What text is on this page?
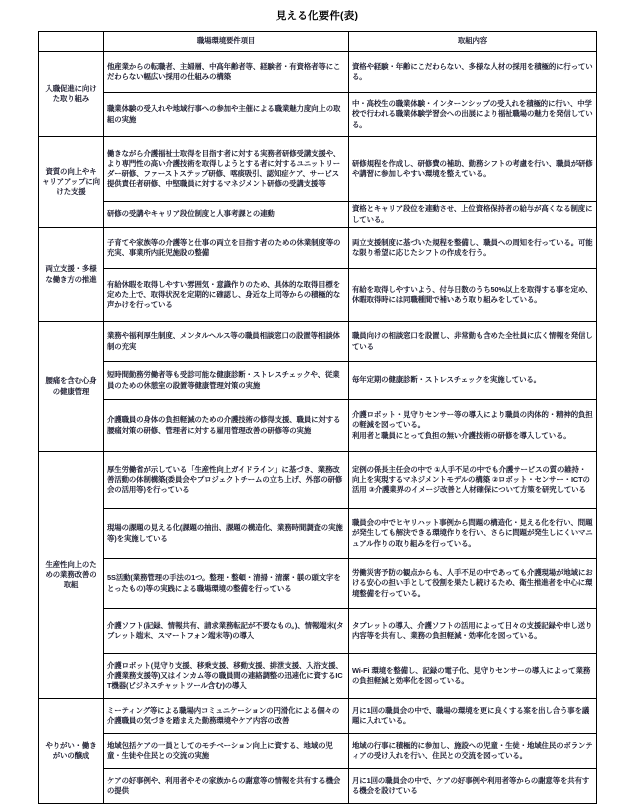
見える化要件(表)
	職場環境要件項目	取組内容
入職促進に向けた取り組み	他産業からの転職者、主婦層、中高年齢者等、経験者・有資格者等にこだわらない幅広い採用の仕組みの構築	資格や経験・年齢にこだわらない、多様な人材の採用を積極的に行っている。
	職業体験の受入れや地域行事への参加や主催による職業魅力度向上の取組の実施	中・高校生の職業体験・インターンシップの受入れを積極的に行い、中学校で行われる職業体験学習会への出展により福祉職場の魅力を発信している。
資質の向上やキャリアアップに向けた支援	働きながら介護福祉士取得を目指す者に対する実務者研修受講支援や、より専門性の高い介護技術を取得しようとする者に対するユニットリーダー研修、ファーストステップ研修、喀痰吸引、認知症ケア、サービス提供責任者研修、中堅職員に対するマネジメント研修の受講支援等	研修規程を作成し、研修費の補助、勤務シフトの考慮を行い、職員が研修や講習に参加しやすい環境を整えている。
	研修の受講やキャリア段位制度と人事考課との連動	資格とキャリア段位を連動させ、上位資格保持者の給与が高くなる制度にしている。
両立支援・多様な働き方の推進	子育てや家族等の介護等と仕事の両立を目指す者のための休業制度等の充実、事業所内託児施設の整備	両立支援制度に基づいた規程を整備し、職員への周知を行っている。可能な限り希望に応じたシフトの作成を行う。
	有給休暇を取得しやすい雰囲気・意識作りのため、具体的な取得目標を定めた上で、取得状況を定期的に確認し、身近な上司等からの積極的な声かけを行っている	有給を取得しやすいよう、付与日数のうち50%以上を取得する事を定め、休暇取得時には同職種間で補いあう取り組みをしている。
腰痛を含む心身の健康管理	業務や福利厚生制度、メンタルヘルス等の職員相談窓口の設置等相談体制の充実	職員向けの相談窓口を設置し、非常勤も含めた全社員に広く情報を発信している
	短時間勤務労働者等も受診可能な健康診断・ストレスチェックや、従業員のための休憩室の設置等健康管理対策の実施	毎年定期の健康診断・ストレスチェックを実施している。
	介護職員の身体の負担軽減のための介護技術の修得支援、職員に対する腰痛対策の研修、管理者に対する雇用管理改善の研修等の実施	介護ロボット・見守りセンサー等の導入により職員の肉体的・精神的負担の軽減を図っている。
利用者と職員にとって負担の無い介護技術の研修を導入している。
生産性向上のための業務改善の取組	厚生労働省が示している「生産性向上ガイドライン」に基づき、業務改善活動の体制構築(委員会やプロジェクトチームの立ち上げ、外部の研修会の活用等)を行っている	定例の係長主任会の中で ①人手不足の中でも介護サービスの質の維持・向上を実現するマネジメントモデルの構築 ②ロボット・センサー・ICTの活用 ③介護業界のイメージ改善と人材確保について方策を研究している
	現場の課題の見える化(課題の抽出、課題の構造化、業務時間調査の実施等)を実施している	職員会の中でヒヤリハット事例から問題の構造化・見える化を行い、問題が発生しても解決できる環境作りを行い、さらに問題が発生しにくいマニュアル作りの取り組みを行っている。
	5S活動(業務管理の手法の1つ。整理・整頓・清掃・清潔・躾の頭文字をとったもの)等の実践による職場環境の整備を行っている	労働災害予防の観点からも、人手不足の中であっても介護現場が地域における安心の担い手として役割を果たし続けるため、衛生推進者を中心に環境整備を行っている。
	介護ソフト(記録、情報共有、請求業務転記が不要なもの。)、情報端末(タブレット端末、スマートフォン端末等)の導入	タブレットの導入、介護ソフトの活用によって日々の支援記録や申し送り内容等を共有し、業務の負担軽減・効率化を図っている。
	介護ロボット(見守り支援、移乗支援、移動支援、排泄支援、入浴支援、介護業務支援等)又はインカム等の職員間の連絡調整の迅速化に資するICT機器(ビジネスチャットツール含む)の導入	Wi-Fi 環境を整備し、記録の電子化、見守りセンサーの導入によって業務の負担軽減と効率化を図っている。
やりがい・働きがいの醸成	ミーティング等による職場内コミュニケーションの円滑化による個々の介護職員の気づきを踏まえた勤務環境やケア内容の改善	月に1回の職員会の中で、職場の環境を更に良くする案を出し合う事を議題に入れている。
	地域包括ケアの一員としてのモチベーション向上に資する、地域の児童・生徒や住民との交流の実施	地域の行事に積極的に参加し、施設への児童・生徒・地域住民のボランティアの受け入れを行い、住民との交流を図っている。
	ケアの好事例や、利用者やその家族からの謝意等の情報を共有する機会の提供	月に1回の職員会の中で、ケアの好事例や利用者等からの謝意等を共有する機会を設けている
